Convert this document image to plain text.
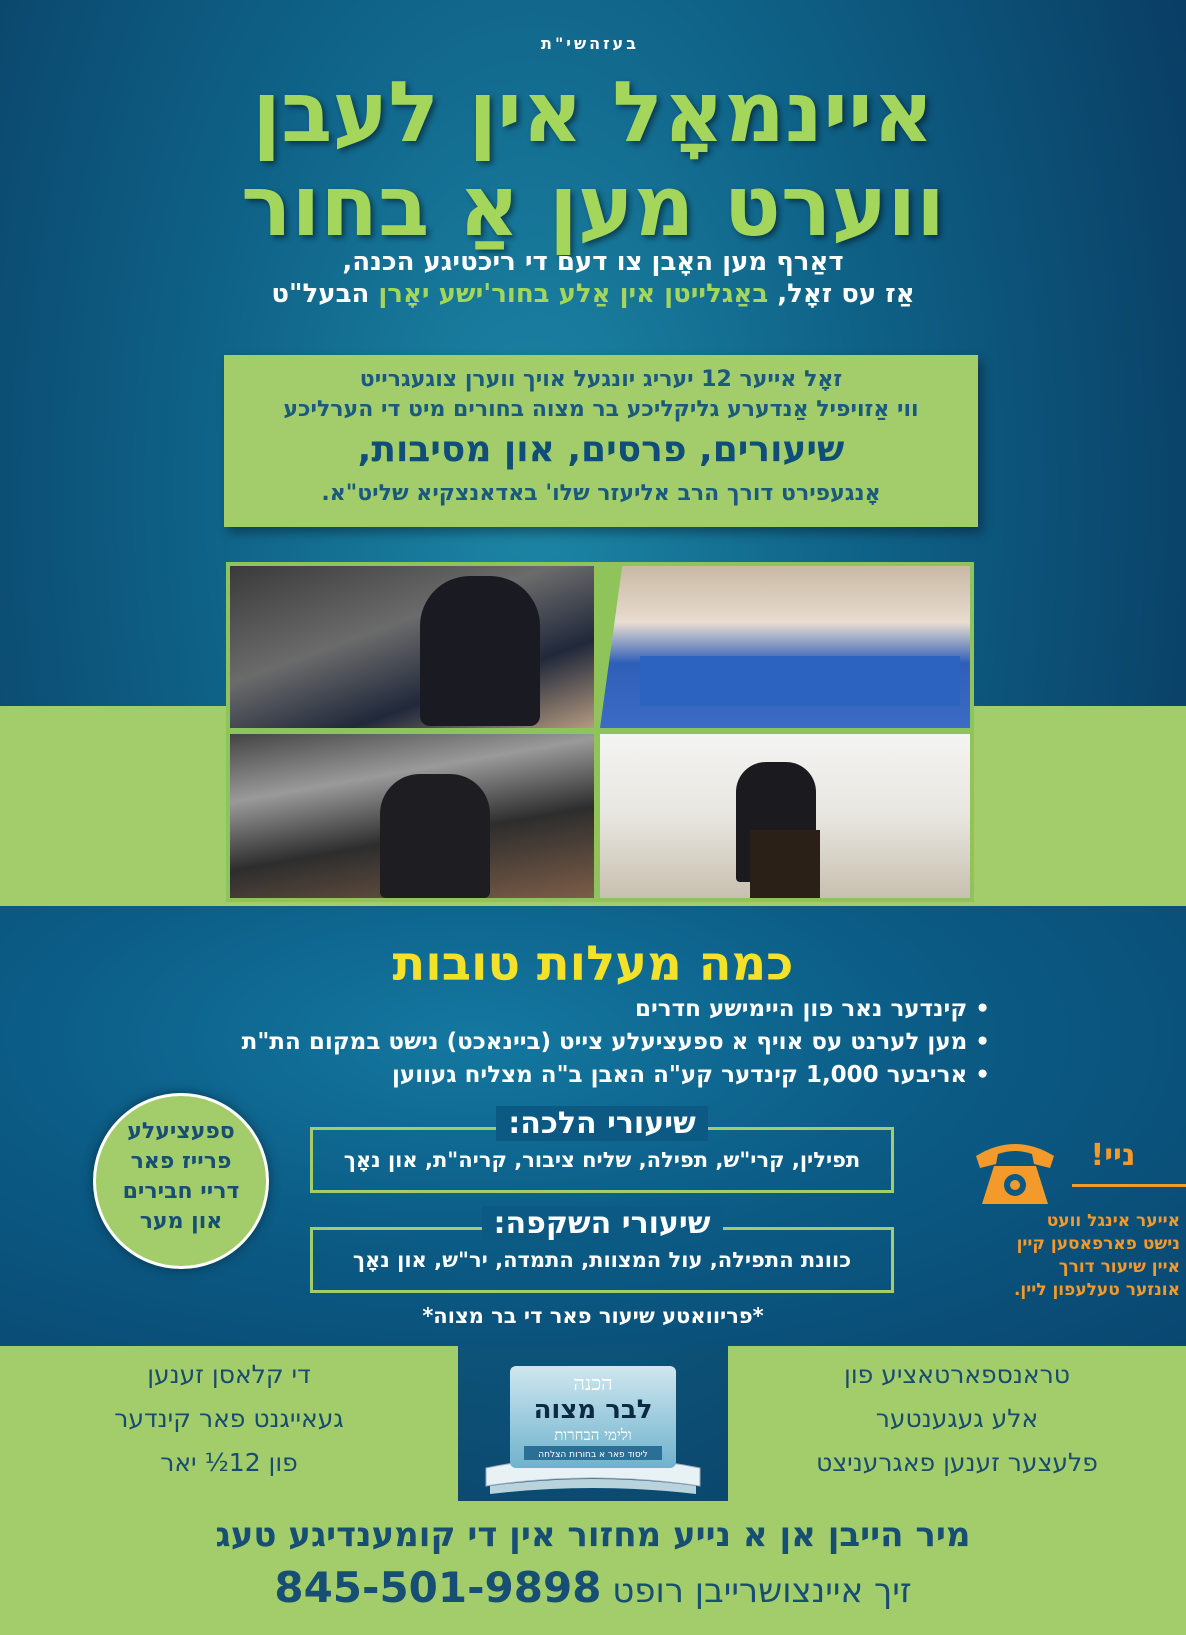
בעזהשי"ת
איינמאָל אין לעבן
ווערט מען אַ בחור
דאַרף מען האָבן צו דעם די ריכטיגע הכנה,
אַז עס זאָל, באַגלייטן אין אַלע בחור'ישע יאָרן הבעל"ט
זאָל אייער 12 יעריג יונגעל אויך ווערן צוגעגרייט
ווי אַזויפיל אַנדערע גליקליכע בר מצוה בחורים מיט די הערליכע
שיעורים, פרסים, און מסיבות,
אָנגעפירט דורך הרב אליעזר שלו' באדאנצקיא שליט"א.
כמה מעלות טובות
• קינדער נאר פון היימישע חדרים
• מען לערנט עס אויף א ספעציעלע צייט (ביינאכט) נישט במקום הת"ת
• אריבער 1,000 קינדער קע"ה האבן ב"ה מצליח געווען
ספעציעלע
פרייז פאר
דריי חבירים
און מער
שיעורי הלכה:
תפילין, קרי"ש, תפילה, שליח ציבור, קריה"ת, און נאָך
שיעורי השקפה:
כוונת התפילה, עול המצוות, התמדה, יר"ש, און נאָך
*פריוואטע שיעור פאר די בר מצוה*
ניי!
אייער אינגל וועט
נישט פארפאסען קיין
איין שיעור דורך
אונזער טעלעפון ליין.
די קלאסן זענען
געאייגנט פאר קינדער
פון 12½ יאר
הכנה
לבר מצוה
ולימי הבחרות
ליסוד פאר א בחורות הצלחה
טראנספארטאציע פון
אלע געגענטער
פלעצער זענען פאגרעניצט
מיר הייבן אן א נייע מחזור אין די קומענדיגע טעג
זיך איינצושרייבן רופט 845-501-9898
